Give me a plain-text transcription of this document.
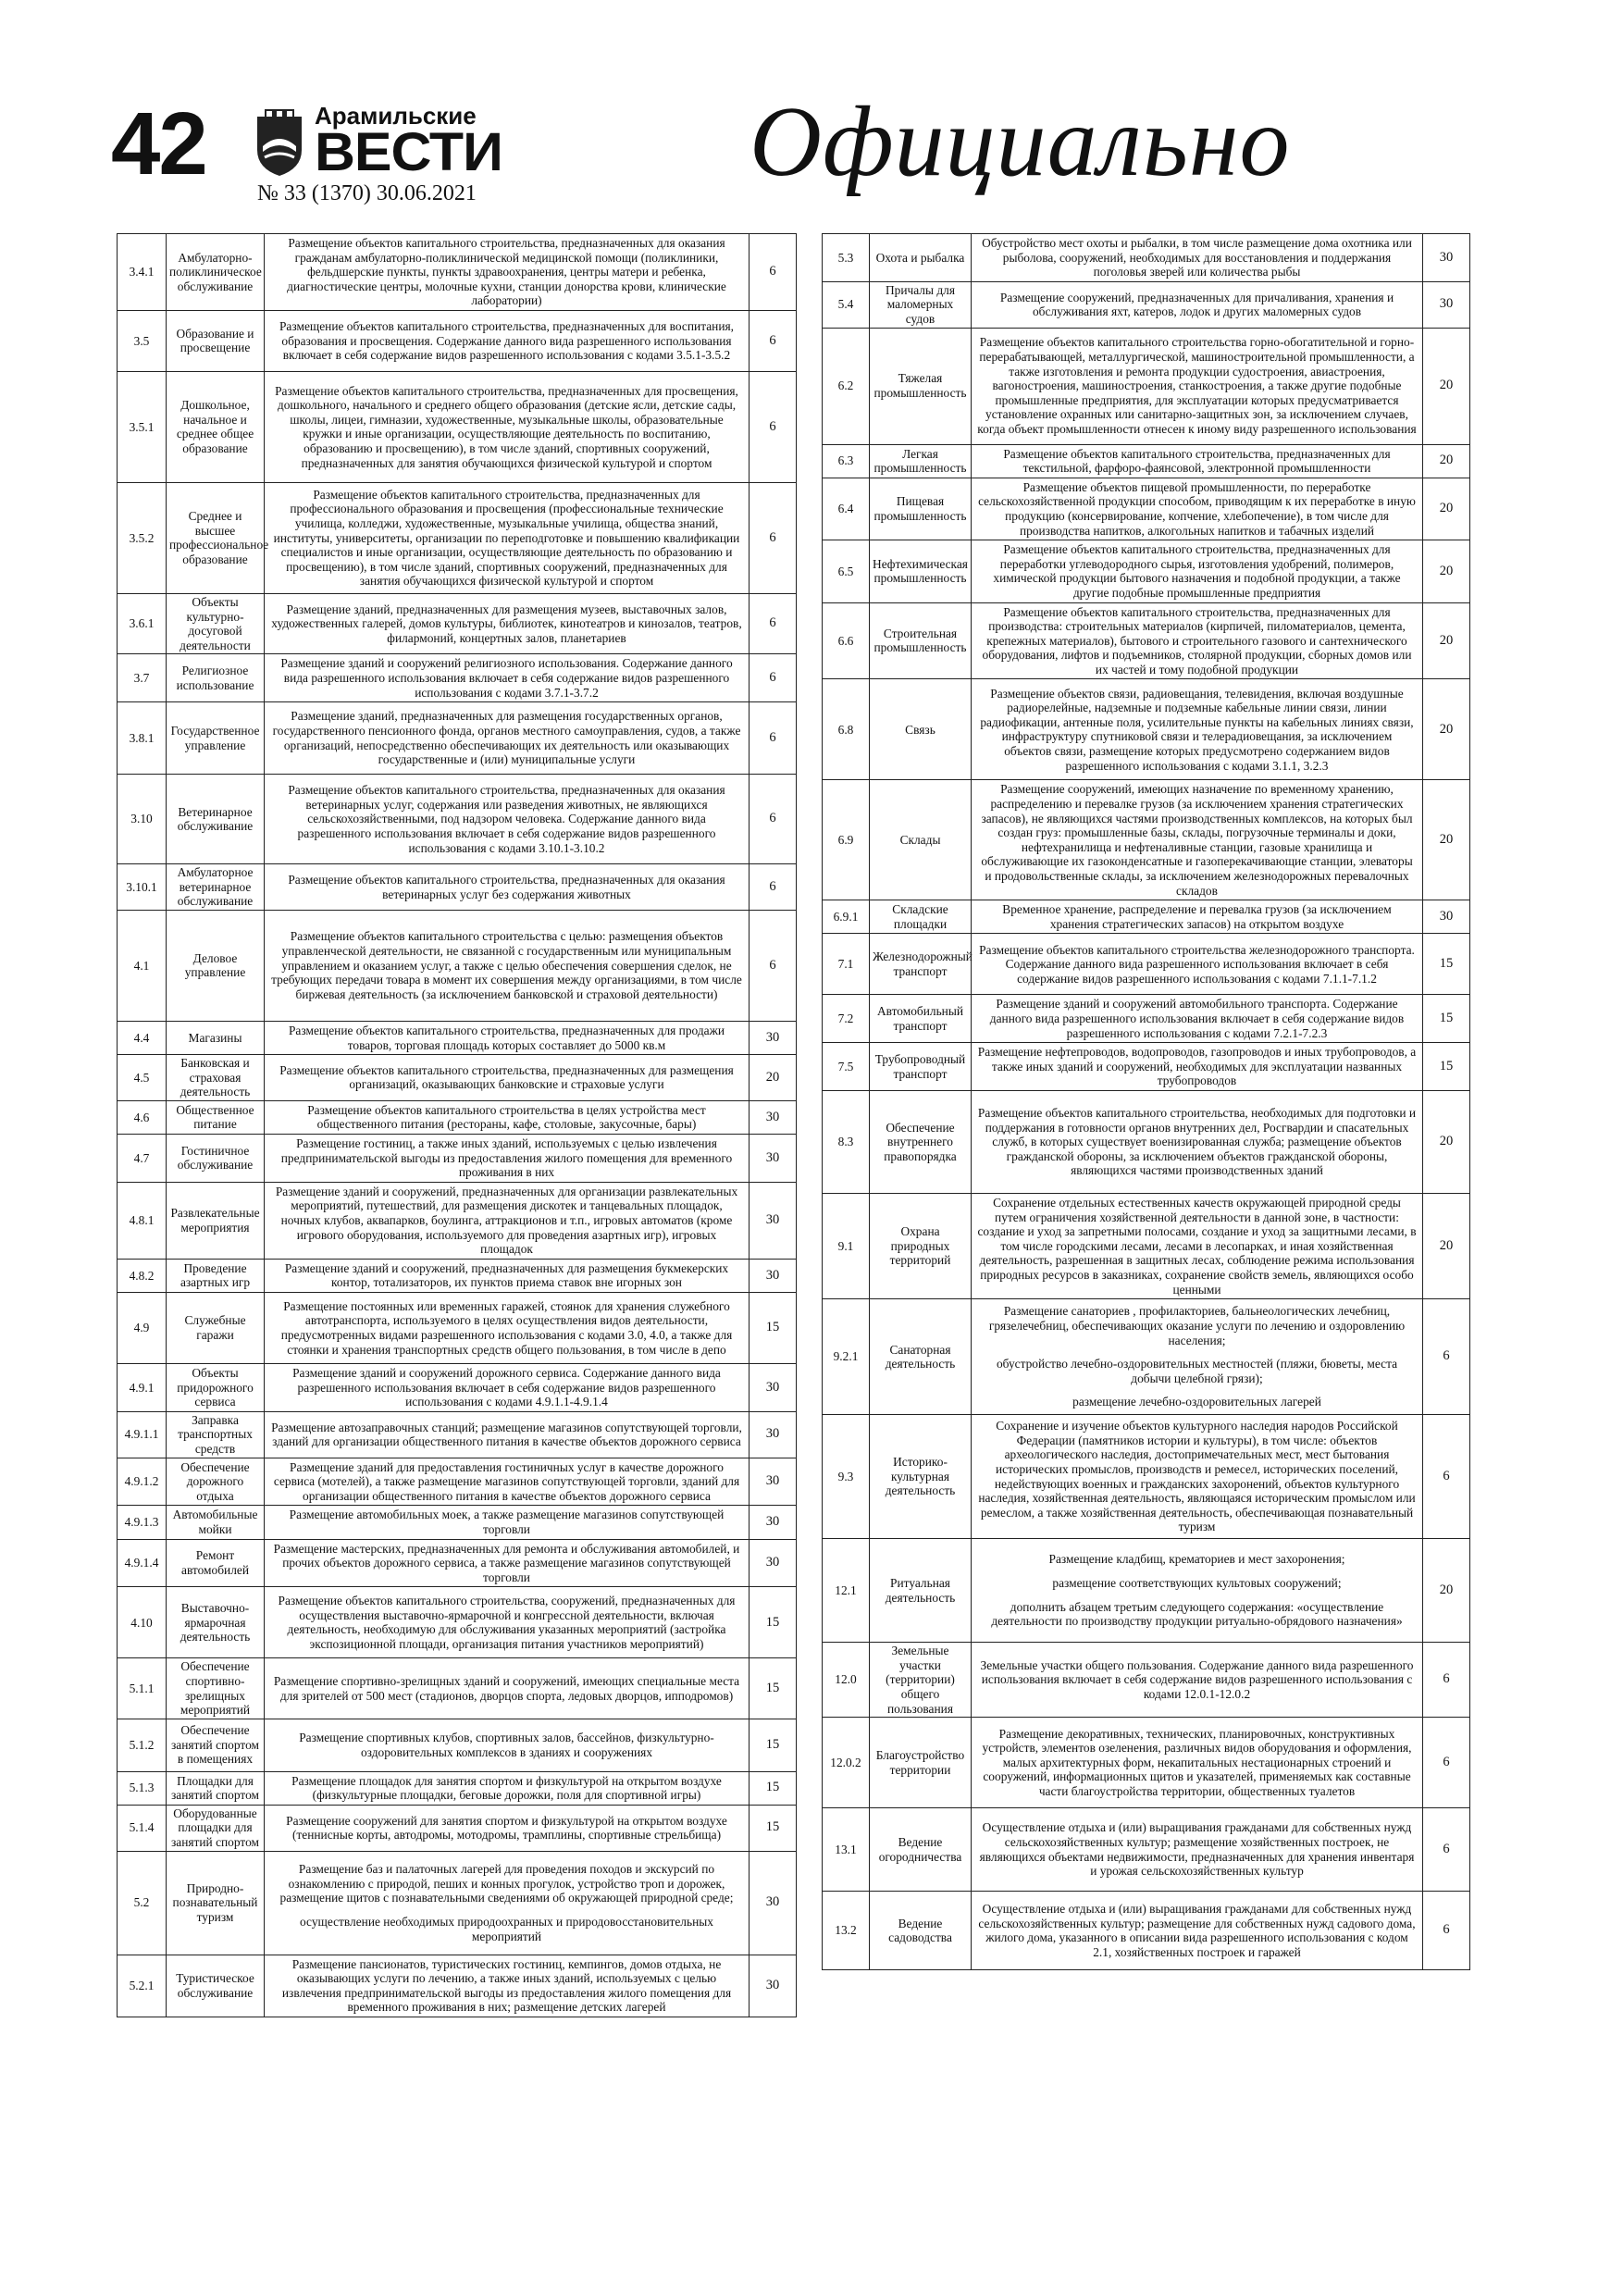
42	Арамильские
ВЕСТИ
№ 33 (1370) 30.06.2021	Официально
3.4.1	Амбулаторно-поликлиническое обслуживание	Размещение объектов капитального строительства, предназначенных для оказания гражданам амбулаторно-поликлинической медицинской помощи (поликлиники, фельдшерские пункты, пункты здравоохранения, центры матери и ребенка, диагностические центры, молочные кухни, станции донорства крови, клинические лаборатории)	6
3.5	Образование и просвещение	Размещение объектов капитального строительства, предназначенных для воспитания, образования и просвещения. Содержание данного вида разрешенного использования включает в себя содержание видов разрешенного использования с кодами 3.5.1-3.5.2	6
3.5.1	Дошкольное, начальное и среднее общее образование	Размещение объектов капитального строительства, предназначенных для просвещения, дошкольного, начального и среднего общего образования (детские ясли, детские сады, школы, лицеи, гимназии, художественные, музыкальные школы, образовательные кружки и иные организации, осуществляющие деятельность по воспитанию, образованию и просвещению), в том числе зданий, спортивных сооружений, предназначенных для занятия обучающихся физической культурой и спортом	6
3.5.2	Среднее и высшее профессиональное образование	Размещение объектов капитального строительства, предназначенных для профессионального образования и просвещения (профессиональные технические училища, колледжи, художественные, музыкальные училища, общества знаний, институты, университеты, организации по переподготовке и повышению квалификации специалистов и иные организации, осуществляющие деятельность по образованию и просвещению), в том числе зданий, спортивных сооружений, предназначенных для занятия обучающихся физической культурой и спортом	6
3.6.1	Объекты культурно-досуговой деятельности	Размещение зданий, предназначенных для размещения музеев, выставочных залов, художественных галерей, домов культуры, библиотек, кинотеатров и кинозалов, театров, филармоний, концертных залов, планетариев	6
3.7	Религиозное использование	Размещение зданий и сооружений религиозного использования. Содержание данного вида разрешенного использования включает в себя содержание видов разрешенного использования с кодами 3.7.1-3.7.2	6
3.8.1	Государственное управление	Размещение зданий, предназначенных для размещения государственных органов, государственного пенсионного фонда, органов местного самоуправления, судов, а также организаций, непосредственно обеспечивающих их деятельность или оказывающих государственные и (или) муниципальные услуги	6
3.10	Ветеринарное обслуживание	Размещение объектов капитального строительства, предназначенных для оказания ветеринарных услуг, содержания или разведения животных, не являющихся сельскохозяйственными, под надзором человека. Содержание данного вида разрешенного использования включает в себя содержание видов разрешенного использования с кодами 3.10.1-3.10.2	6
3.10.1	Амбулаторное ветеринарное обслуживание	Размещение объектов капитального строительства, предназначенных для оказания ветеринарных услуг без содержания животных	6
4.1	Деловое управление	Размещение объектов капитального строительства с целью: размещения объектов управленческой деятельности, не связанной с государственным или муниципальным управлением и оказанием услуг, а также с целью обеспечения совершения сделок, не требующих передачи товара в момент их совершения между организациями, в том числе биржевая деятельность (за исключением банковской и страховой деятельности)	6
4.4	Магазины	Размещение объектов капитального строительства, предназначенных для продажи товаров, торговая площадь которых составляет до 5000 кв.м	30
4.5	Банковская и страховая деятельность	Размещение объектов капитального строительства, предназначенных для размещения организаций, оказывающих банковские и страховые услуги	20
4.6	Общественное питание	Размещение объектов капитального строительства в целях устройства мест общественного питания (рестораны, кафе, столовые, закусочные, бары)	30
4.7	Гостиничное обслуживание	Размещение гостиниц, а также иных зданий, используемых с целью извлечения предпринимательской выгоды из предоставления жилого помещения для временного проживания в них	30
4.8.1	Развлекательные мероприятия	Размещение зданий и сооружений, предназначенных для организации развлекательных мероприятий, путешествий, для размещения дискотек и танцевальных площадок, ночных клубов, аквапарков, боулинга, аттракционов и т.п., игровых автоматов (кроме игрового оборудования, используемого для проведения азартных игр), игровых площадок	30
4.8.2	Проведение азартных игр	Размещение зданий и сооружений, предназначенных для размещения букмекерских контор, тотализаторов, их пунктов приема ставок вне игорных зон	30
4.9	Служебные гаражи	Размещение постоянных или временных гаражей, стоянок для хранения служебного автотранспорта, используемого в целях осуществления видов деятельности, предусмотренных видами разрешенного использования с кодами 3.0, 4.0, а также для стоянки и хранения транспортных средств общего пользования, в том числе в депо	15
4.9.1	Объекты придорожного сервиса	Размещение зданий и сооружений дорожного сервиса. Содержание данного вида разрешенного использования включает в себя содержание видов разрешенного использования с кодами 4.9.1.1-4.9.1.4	30
4.9.1.1	Заправка транспортных средств	Размещение автозаправочных станций; размещение магазинов сопутствующей торговли, зданий для организации общественного питания в качестве объектов дорожного сервиса	30
4.9.1.2	Обеспечение дорожного отдыха	Размещение зданий для предоставления гостиничных услуг в качестве дорожного сервиса (мотелей), а также размещение магазинов сопутствующей торговли, зданий для организации общественного питания в качестве объектов дорожного сервиса	30
4.9.1.3	Автомобильные мойки	Размещение автомобильных моек, а также размещение магазинов сопутствующей торговли	30
4.9.1.4	Ремонт автомобилей	Размещение мастерских, предназначенных для ремонта и обслуживания автомобилей, и прочих объектов дорожного сервиса, а также размещение магазинов сопутствующей торговли	30
4.10	Выставочно-ярмарочная деятельность	Размещение объектов капитального строительства, сооружений, предназначенных для осуществления выставочно-ярмарочной и конгрессной деятельности, включая деятельность, необходимую для обслуживания указанных мероприятий (застройка экспозиционной площади, организация питания участников мероприятий)	15
5.1.1	Обеспечение спортивно-зрелищных мероприятий	Размещение спортивно-зрелищных зданий и сооружений, имеющих специальные места для зрителей от 500 мест (стадионов, дворцов спорта, ледовых дворцов, ипподромов)	15
5.1.2	Обеспечение занятий спортом в помещениях	Размещение спортивных клубов, спортивных залов, бассейнов, физкультурно-оздоровительных комплексов в зданиях и сооружениях	15
5.1.3	Площадки для занятий спортом	Размещение площадок для занятия спортом и физкультурой на открытом воздухе (физкультурные площадки, беговые дорожки, поля для спортивной игры)	15
5.1.4	Оборудованные площадки для занятий спортом	Размещение сооружений для занятия спортом и физкультурой на открытом воздухе (теннисные корты, автодромы, мотодромы, трамплины, спортивные стрельбища)	15
5.2	Природно-познавательный туризм	Размещение баз и палаточных лагерей для проведения походов и экскурсий по ознакомлению с природой, пеших и конных прогулок, устройство троп и дорожек, размещение щитов с познавательными сведениями об окружающей природной среде;
осуществление необходимых природоохранных и природовосстановительных мероприятий	30
5.2.1	Туристическое обслуживание	Размещение пансионатов, туристических гостиниц, кемпингов, домов отдыха, не оказывающих услуги по лечению, а также иных зданий, используемых с целью извлечения предпринимательской выгоды из предоставления жилого помещения для временного проживания в них; размещение детских лагерей	30
5.3	Охота и рыбалка	Обустройство мест охоты и рыбалки, в том числе размещение дома охотника или рыболова, сооружений, необходимых для восстановления и поддержания поголовья зверей или количества рыбы	30
5.4	Причалы для маломерных судов	Размещение сооружений, предназначенных для причаливания, хранения и обслуживания яхт, катеров, лодок и других маломерных судов	30
6.2	Тяжелая промышленность	Размещение объектов капитального строительства горно-обогатительной и горно-перерабатывающей, металлургической, машиностроительной промышленности, а также изготовления и ремонта продукции судостроения, авиастроения, вагоностроения, машиностроения, станкостроения, а также другие подобные промышленные предприятия, для эксплуатации которых предусматривается установление охранных или санитарно-защитных зон, за исключением случаев, когда объект промышленности отнесен к иному виду разрешенного использования	20
6.3	Легкая промышленность	Размещение объектов капитального строительства, предназначенных для текстильной, фарфоро-фаянсовой, электронной промышленности	20
6.4	Пищевая промышленность	Размещение объектов пищевой промышленности, по переработке сельскохозяйственной продукции способом, приводящим к их переработке в иную продукцию (консервирование, копчение, хлебопечение), в том числе для производства напитков, алкогольных напитков и табачных изделий	20
6.5	Нефтехимическая промышленность	Размещение объектов капитального строительства, предназначенных для переработки углеводородного сырья, изготовления удобрений, полимеров, химической продукции бытового назначения и подобной продукции, а также другие подобные промышленные предприятия	20
6.6	Строительная промышленность	Размещение объектов капитального строительства, предназначенных для производства: строительных материалов (кирпичей, пиломатериалов, цемента, крепежных материалов), бытового и строительного газового и сантехнического оборудования, лифтов и подъемников, столярной продукции, сборных домов или их частей и тому подобной продукции	20
6.8	Связь	Размещение объектов связи, радиовещания, телевидения, включая воздушные радиорелейные, надземные и подземные кабельные линии связи, линии радиофикации, антенные поля, усилительные пункты на кабельных линиях связи, инфраструктуру спутниковой связи и телерадиовещания, за исключением объектов связи, размещение которых предусмотрено содержанием видов разрешенного использования с кодами 3.1.1, 3.2.3	20
6.9	Склады	Размещение сооружений, имеющих назначение по временному хранению, распределению и перевалке грузов (за исключением хранения стратегических запасов), не являющихся частями производственных комплексов, на которых был создан груз: промышленные базы, склады, погрузочные терминалы и доки, нефтехранилища и нефтеналивные станции, газовые хранилища и обслуживающие их газоконденсатные и газоперекачивающие станции, элеваторы и продовольственные склады, за исключением железнодорожных перевалочных складов	20
6.9.1	Складские площадки	Временное хранение, распределение и перевалка грузов (за исключением хранения стратегических запасов) на открытом воздухе	30
7.1	Железнодорожный транспорт	Размещение объектов капитального строительства железнодорожного транспорта. Содержание данного вида разрешенного использования включает в себя содержание видов разрешенного использования с кодами 7.1.1-7.1.2	15
7.2	Автомобильный транспорт	Размещение зданий и сооружений автомобильного транспорта. Содержание данного вида разрешенного использования включает в себя содержание видов разрешенного использования с кодами 7.2.1-7.2.3	15
7.5	Трубопроводный транспорт	Размещение нефтепроводов, водопроводов, газопроводов и иных трубопроводов, а также иных зданий и сооружений, необходимых для эксплуатации названных трубопроводов	15
8.3	Обеспечение внутреннего правопорядка	Размещение объектов капитального строительства, необходимых для подготовки и поддержания в готовности органов внутренних дел, Росгвардии и спасательных служб, в которых существует военизированная служба; размещение объектов гражданской обороны, за исключением объектов гражданской обороны, являющихся частями производственных зданий	20
9.1	Охрана природных территорий	Сохранение отдельных естественных качеств окружающей природной среды путем ограничения хозяйственной деятельности в данной зоне, в частности: создание и уход за запретными полосами, создание и уход за защитными лесами, в том числе городскими лесами, лесами в лесопарках, и иная хозяйственная деятельность, разрешенная в защитных лесах, соблюдение режима использования природных ресурсов в заказниках, сохранение свойств земель, являющихся особо ценными	20
9.2.1	Санаторная деятельность	Размещение санаториев , профилакториев, бальнеологических лечебниц, грязелечебниц, обеспечивающих оказание услуги по лечению и оздоровлению населения;
обустройство лечебно-оздоровительных местностей (пляжи, бюветы, места добычи целебной грязи);
размещение лечебно-оздоровительных лагерей	6
9.3	Историко-культурная деятельность	Сохранение и изучение объектов культурного наследия народов Российской Федерации (памятников истории и культуры), в том числе: объектов археологического наследия, достопримечательных мест, мест бытования исторических промыслов, производств и ремесел, исторических поселений, недействующих военных и гражданских захоронений, объектов культурного наследия, хозяйственная деятельность, являющаяся историческим промыслом или ремеслом, а также хозяйственная деятельность, обеспечивающая познавательный туризм	6
12.1	Ритуальная деятельность	Размещение кладбищ, крематориев и мест захоронения;
размещение соответствующих культовых сооружений;
дополнить абзацем третьим следующего содержания: «осуществление деятельности по производству продукции ритуально-обрядового назначения»	20
12.0	Земельные участки (территории) общего пользования	Земельные участки общего пользования. Содержание данного вида разрешенного использования включает в себя содержание видов разрешенного использования с кодами 12.0.1-12.0.2	6
12.0.2	Благоустройство территории	Размещение декоративных, технических, планировочных, конструктивных устройств, элементов озеленения, различных видов оборудования и оформления, малых архитектурных форм, некапитальных нестационарных строений и сооружений, информационных щитов и указателей, применяемых как составные части благоустройства территории, общественных туалетов	6
13.1	Ведение огородничества	Осуществление отдыха и (или) выращивания гражданами для собственных нужд сельскохозяйственных культур; размещение хозяйственных построек, не являющихся объектами недвижимости, предназначенных для хранения инвентаря и урожая сельскохозяйственных культур	6
13.2	Ведение садоводства	Осуществление отдыха и (или) выращивания гражданами для собственных нужд сельскохозяйственных культур; размещение для собственных нужд садового дома, жилого дома, указанного в описании вида разрешенного использования с кодом 2.1, хозяйственных построек и гаражей	6
